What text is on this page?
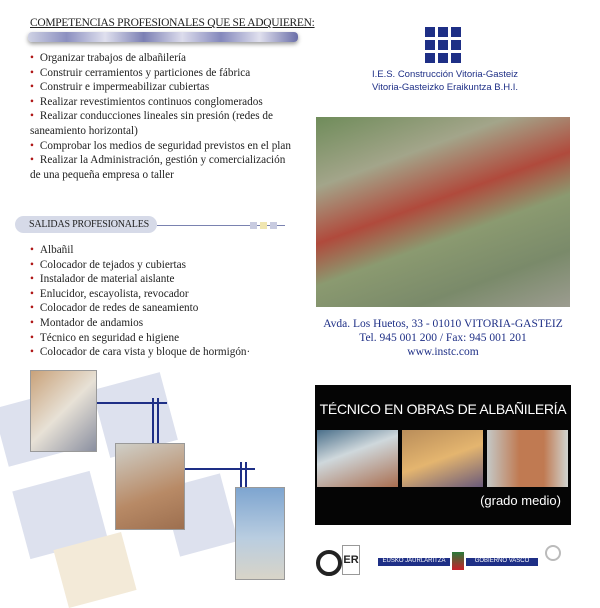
COMPETENCIAS PROFESIONALES QUE SE ADQUIEREN:
• Organizar trabajos de albañilería
• Construir cerramientos y particiones de fábrica
• Construir e impermeabilizar cubiertas
• Realizar revestimientos continuos conglomerados
• Realizar conducciones lineales sin presión (redes de saneamiento horizontal)
• Comprobar los medios de seguridad previstos en el plan
• Realizar la Administración, gestión y comercialización de una pequeña empresa o taller
SALIDAS PROFESIONALES
• Albañil
• Colocador de tejados y cubiertas
• Instalador de material aislante
• Enlucidor, escayolista, revocador
• Colocador de redes de saneamiento
• Montador de andamios
• Técnico en seguridad e higiene
• Colocador de cara vista y bloque de hormigón·
I.E.S. Construcción Vitoria-Gasteiz
Vitoria-Gasteizko Eraikuntza B.H.I.
Avda. Los Huetos, 33 - 01010 VITORIA-GASTEIZ
Tel. 945 001 200 / Fax: 945 001 201
www.instc.com
TÉCNICO EN OBRAS DE ALBAÑILERÍA
(grado medio)
ER	EUSKO JAURLARITZA	GOBIERNO VASCO
